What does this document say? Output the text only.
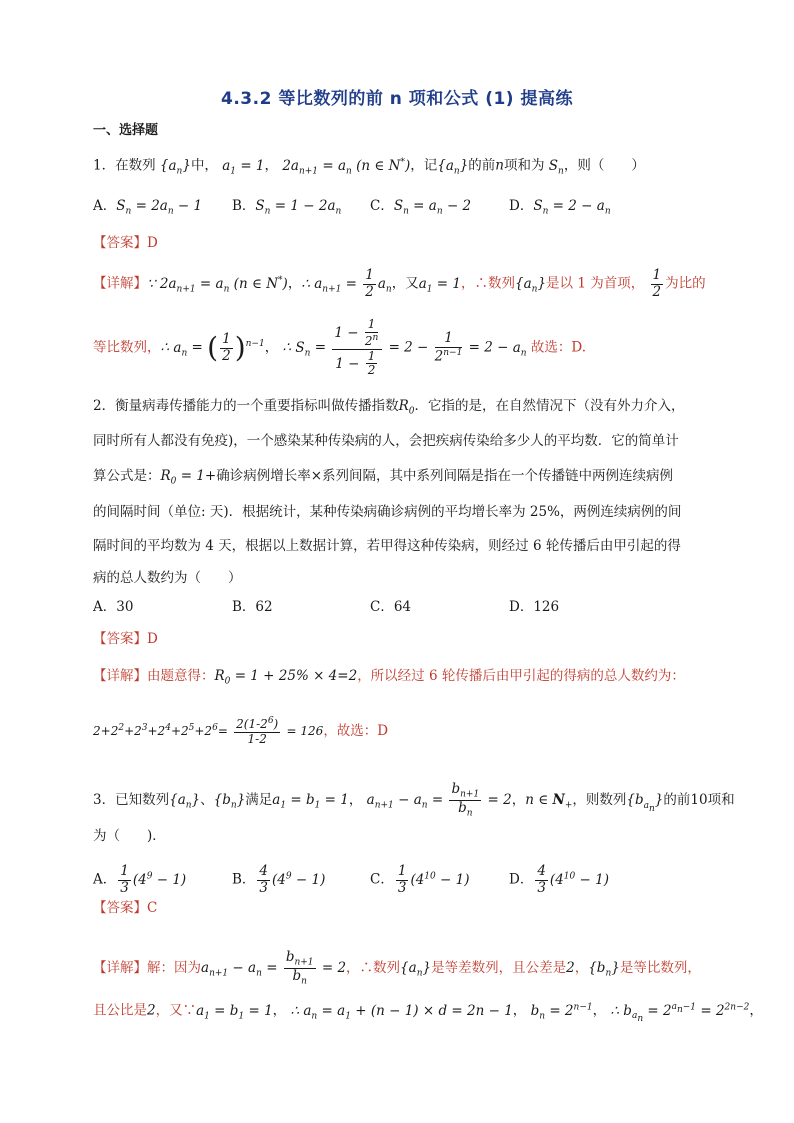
4.3.2 等比数列的前 n 项和公式 (1) 提高练
一、选择题
1．在数列 $\{a_n\}$中， $a_1 = 1$， $2a_{n+1} = a_n$ (n ∈ N*)，记$\{a_n\}$的前n项和为 $S_n$，则（　　）
A．$S_n = 2a_n - 1$ B．$S_n = 1 - 2a_n$ C．$S_n = a_n - 2$	D．$S_n = 2 - a_n$
【答案】D
【详解】∵ $2a_{n+1} = a_n$ (n ∈ N*)，∴ $a_{n+1} = \frac{1}{2} a_n$，又$a_1 = 1$，∴数列$\{a_n\}$是以 1 为首项， $\frac{1}{2}$ 为比的
等比数列，∴ $a_n$ = ( $\frac{1}{2} )^{n-1}$， ∴ $S_n = \frac{1 - \frac{1}{2^n}}{1 - \frac{1}{2}} = 2 - \frac{1}{2^{n-1}} = 2 - a_n$ 故选：D.
2．衡量病毒传播能力的一个重要指标叫做传播指数$R_0$．它指的是，在自然情况下（没有外力介入，
同时所有人都没有免疫)，一个感染某种传染病的人，会把疾病传染给多少人的平均数．它的简单计
算公式是：$R_0 = 1+$确诊病例增长率×系列间隔，其中系列间隔是指在一个传播链中两例连续病例
的间隔时间（单位: 天)．根据统计，某种传染病确诊病例的平均增长率为 25%，两例连续病例的间
隔时间的平均数为 4 天，根据以上数据计算，若甲得这种传染病，则经过 6 轮传播后由甲引起的得
病的总人数约为（　　）
A．30	B．62	C．64	D．126
【答案】D
【详解】由题意得：$R_0 = 1 + 25\% \times 4=2$，所以经过 6 轮传播后由甲引起的得病的总人数约为：
$2+2^2+2^3+2^4+2^5+2^6= \frac{2(1-2^6)}{1-2} = 126$，故选：D
3．已知数列$\{a_n\}$、$\{b_n\}$满足$a_1 = b_1 = 1$， $a_{n+1} - a_n = \frac{b_{n+1}}{b_n} = 2$，n ∈ $N_+$，则数列$\{b_{a_n}\}$的前10项和
为（　　)．
A． $\frac{1}{3} (4^9 - 1)$	B． $\frac{4}{3} (4^9 - 1)$	C． $\frac{1}{3} (4^{10} - 1)$	D． $\frac{4}{3} (4^{10} - 1)$
【答案】C
【详解】解：因为$a_{n+1} - a_n = \frac{b_{n+1}}{b_n} = 2$，∴数列$\{a_n\}$是等差数列，且公差是2，$\{b_n\}$是等比数列，
且公比是2，又$\because a_1 = b_1 = 1$， ∴ $a_n = a_1 + (n - 1) \times d = 2n - 1$， $b_n = 2^{n-1}$， ∴ $b_{a_n} = 2^{a_n-1} = 2^{2n-2}$，
